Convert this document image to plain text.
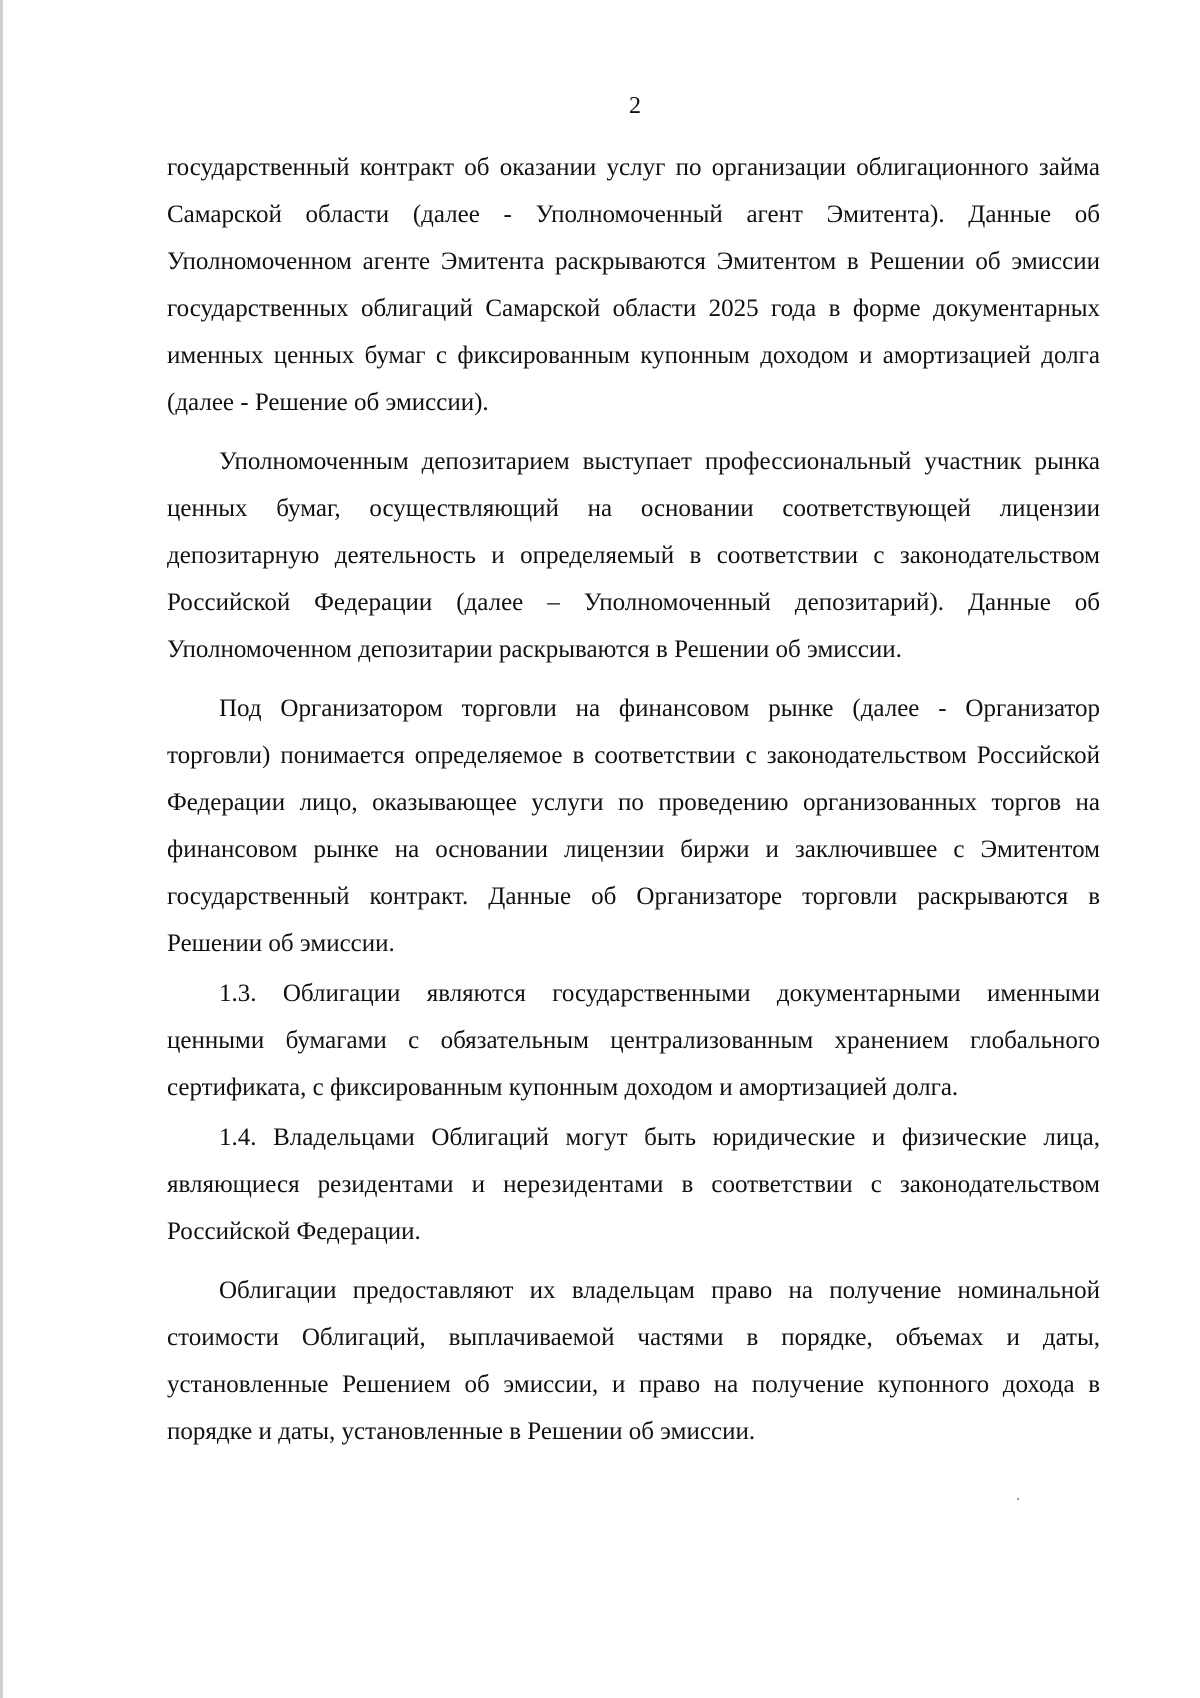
2

государственный контракт об оказании услуг по организации облигационного займа Самарской области (далее - Уполномоченный агент Эмитента). Данные об Уполномоченном агенте Эмитента раскрываются Эмитентом в Решении об эмиссии государственных облигаций Самарской области 2025 года в форме документарных именных ценных бумаг с фиксированным купонным доходом и амортизацией долга (далее - Решение об эмиссии).

Уполномоченным депозитарием выступает профессиональный участник рынка ценных бумаг, осуществляющий на основании соответствующей лицензии депозитарную деятельность и определяемый в соответствии с законодательством Российской Федерации (далее – Уполномоченный депозитарий). Данные об Уполномоченном депозитарии раскрываются в Решении об эмиссии.

Под Организатором торговли на финансовом рынке (далее - Организатор торговли) понимается определяемое в соответствии с законодательством Российской Федерации лицо, оказывающее услуги по проведению организованных торгов на финансовом рынке на основании лицензии биржи и заключившее с Эмитентом государственный контракт. Данные об Организаторе торговли раскрываются в Решении об эмиссии.

1.3. Облигации являются государственными документарными именными ценными бумагами с обязательным централизованным хранением глобального сертификата, с фиксированным купонным доходом и амортизацией долга.

1.4. Владельцами Облигаций могут быть юридические и физические лица, являющиеся резидентами и нерезидентами в соответствии с законодательством Российской Федерации.

Облигации предоставляют их владельцам право на получение номинальной стоимости Облигаций, выплачиваемой частями в порядке, объемах и даты, установленные Решением об эмиссии, и право на получение купонного дохода в порядке и даты, установленные в Решении об эмиссии.
